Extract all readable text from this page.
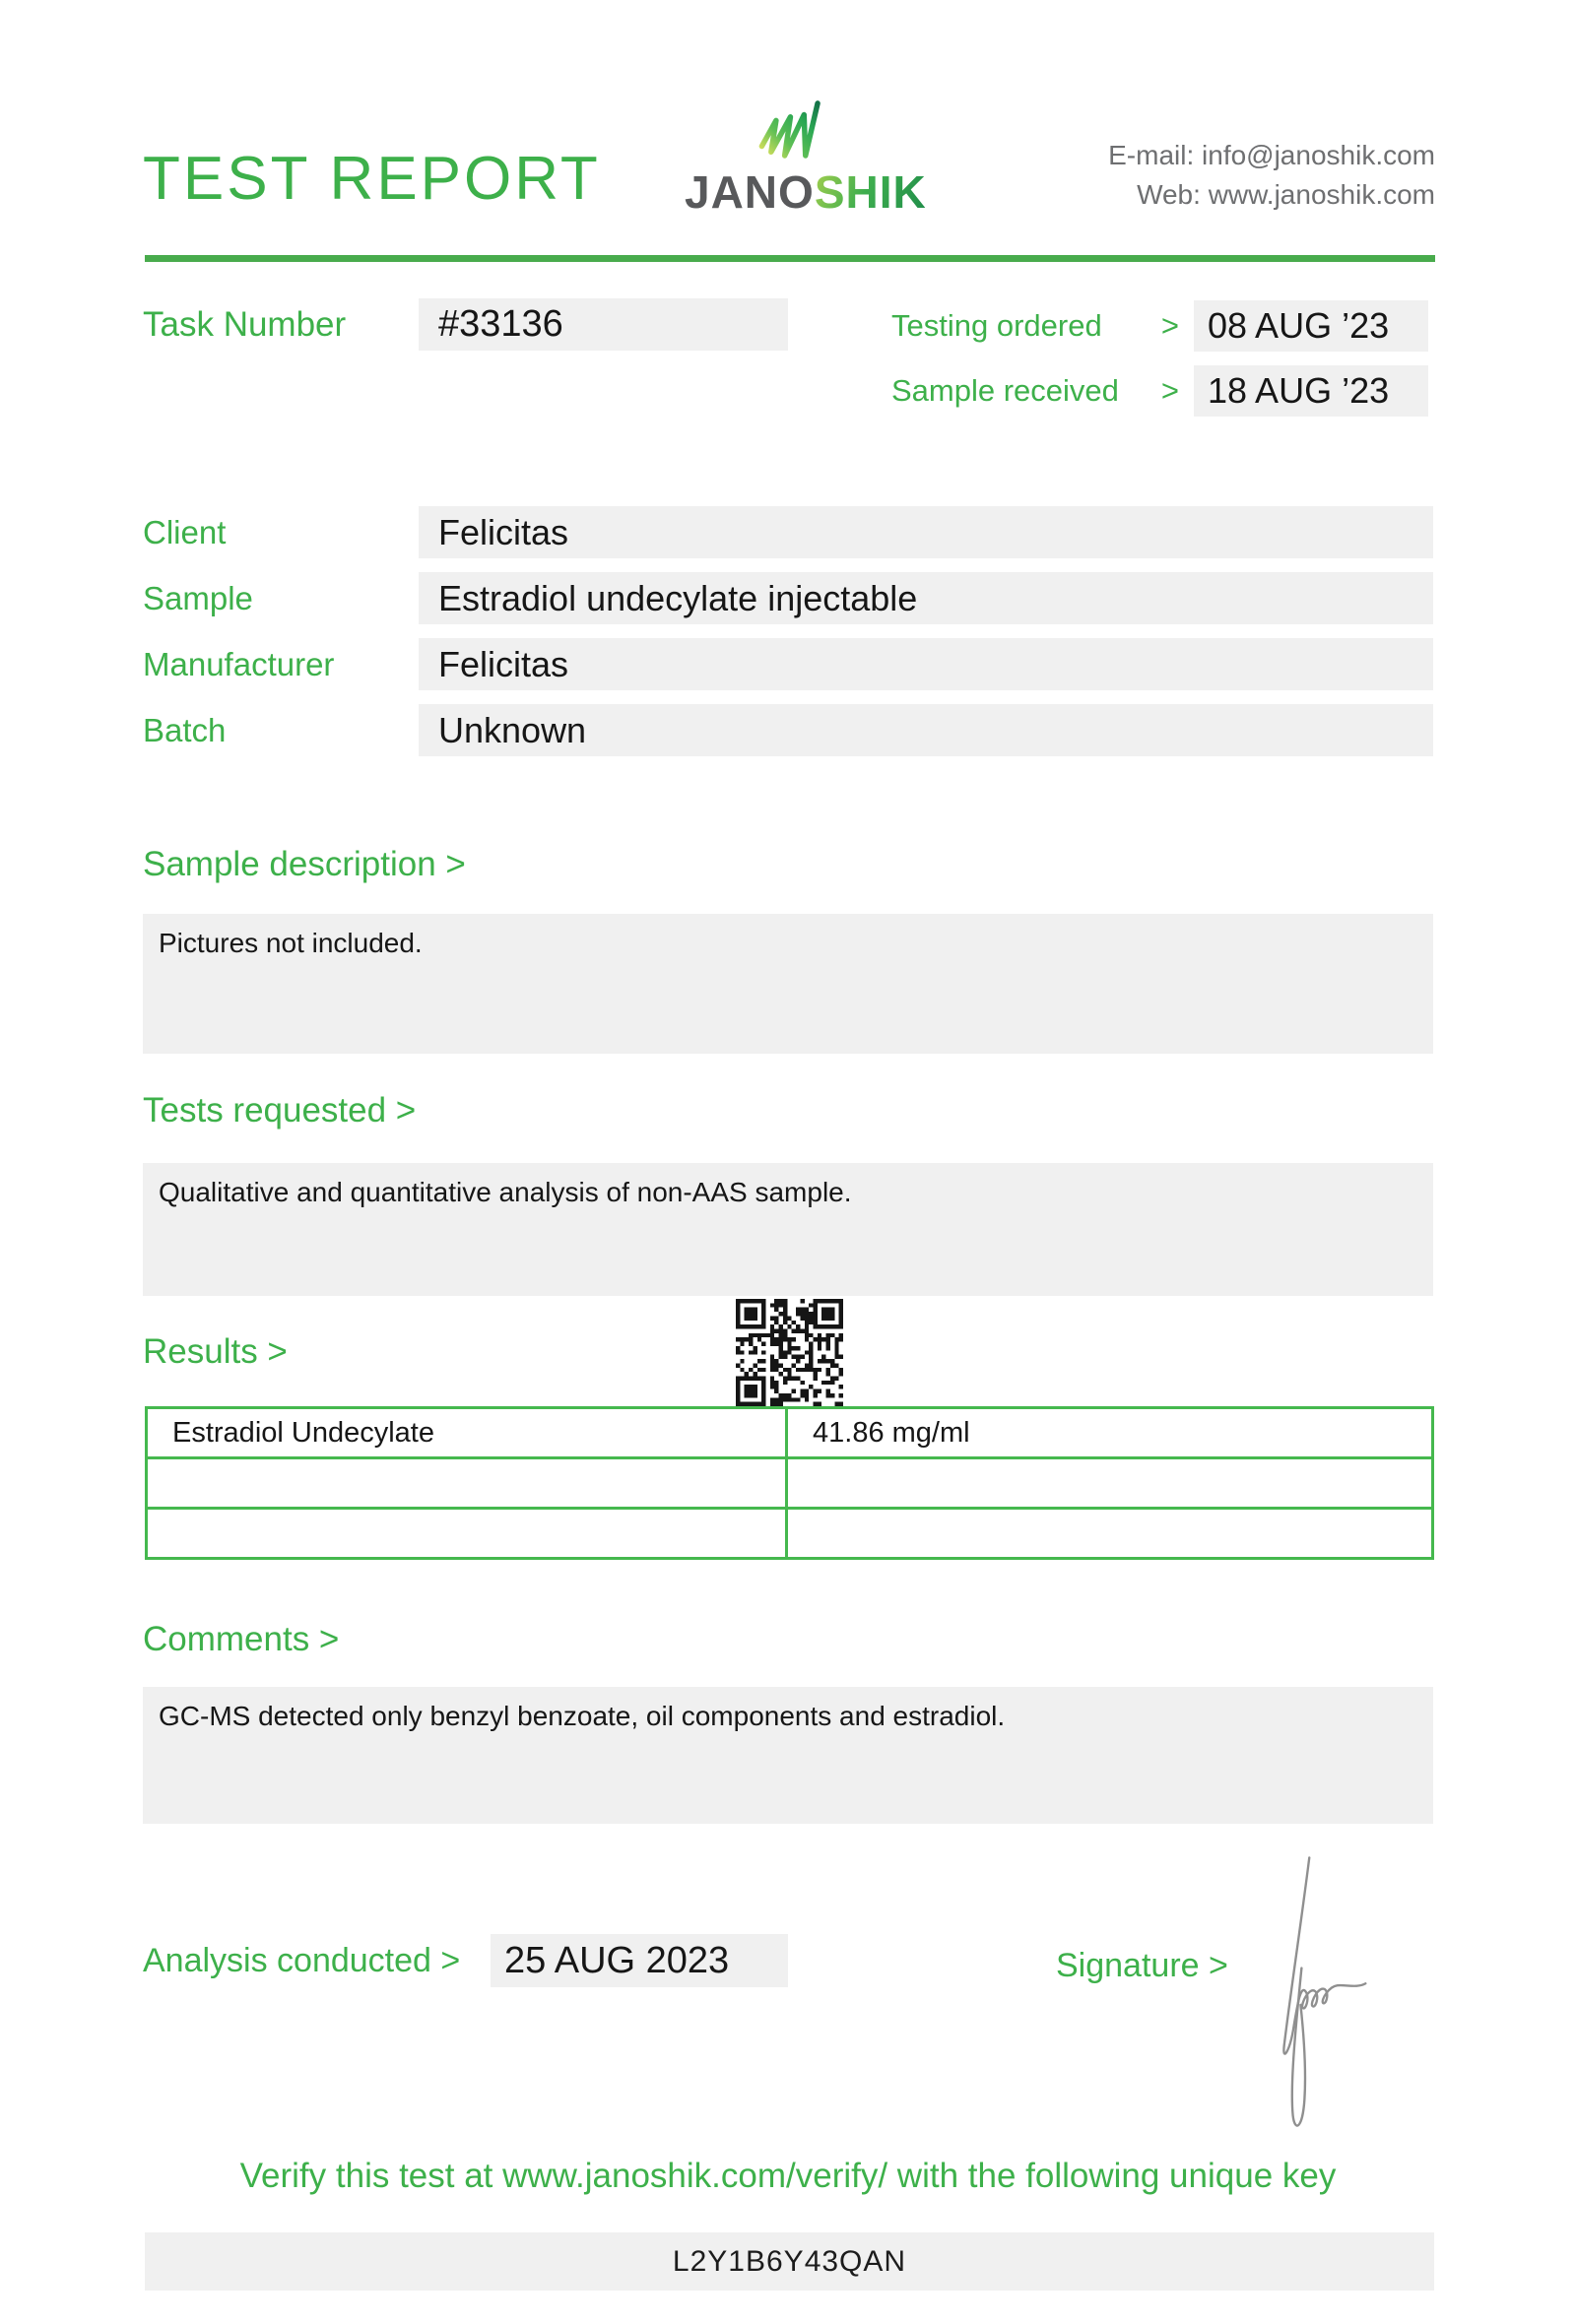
TEST REPORT JANOSHIK
E-mail: info@janoshik.com
Web: www.janoshik.com
Task Number	#33136	Testing ordered > 08 AUG ’23
Sample received > 18 AUG ’23
Client	Felicitas
Sample	Estradiol undecylate injectable
Manufacturer	Felicitas
Batch	Unknown
Sample description >
Pictures not included.
Tests requested >
Qualitative and quantitative analysis of non-AAS sample.
Results >
Estradiol Undecylate	41.86 mg/ml

Comments >
GC-MS detected only benzyl benzoate, oil components and estradiol.
Analysis conducted >	25 AUG 2023	Signature >
Verify this test at www.janoshik.com/verify/ with the following unique key
L2Y1B6Y43QAN
